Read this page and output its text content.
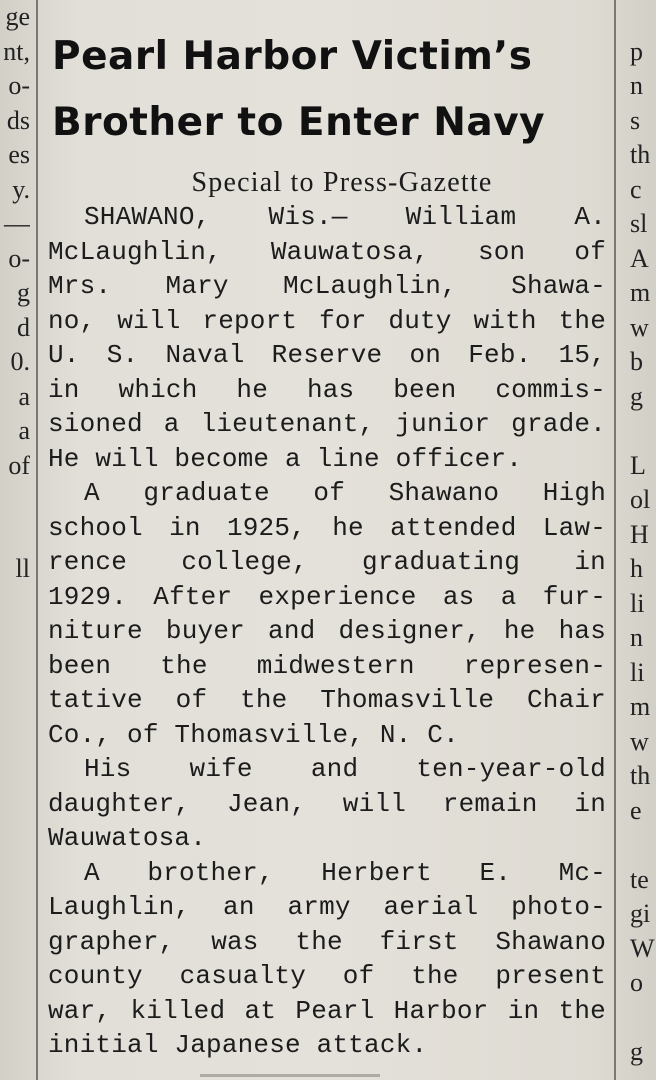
ge
nt,
o-
ds
es
y.
—
o-
g
d
0.
a
a
of
ll
Pearl Harbor Victim’s
Brother to Enter Navy
Special to Press-Gazette
SHAWANO, Wis.— William A.
McLaughlin, Wauwatosa, son of
Mrs. Mary McLaughlin, Shawa-
no, will report for duty with the
U. S. Naval Reserve on Feb. 15,
in which he has been commis-
sioned a lieutenant, junior grade.
He will become a line officer.
A graduate of Shawano High
school in 1925, he attended Law-
rence college, graduating in
1929. After experience as a fur-
niture buyer and designer, he has
been the midwestern represen-
tative of the Thomasville Chair
Co., of Thomasville, N. C.
His wife and ten-year-old
daughter, Jean, will remain in
Wauwatosa.
A brother, Herbert E. Mc-
Laughlin, an army aerial photo-
grapher, was the first Shawano
county casualty of the present
war, killed at Pearl Harbor in the
initial Japanese attack.
p
n
s
th
c
sl
A
m
w
b
g
L
ol
H
h
li
n
li
m
w
th
e
te
gi
W
o
g
